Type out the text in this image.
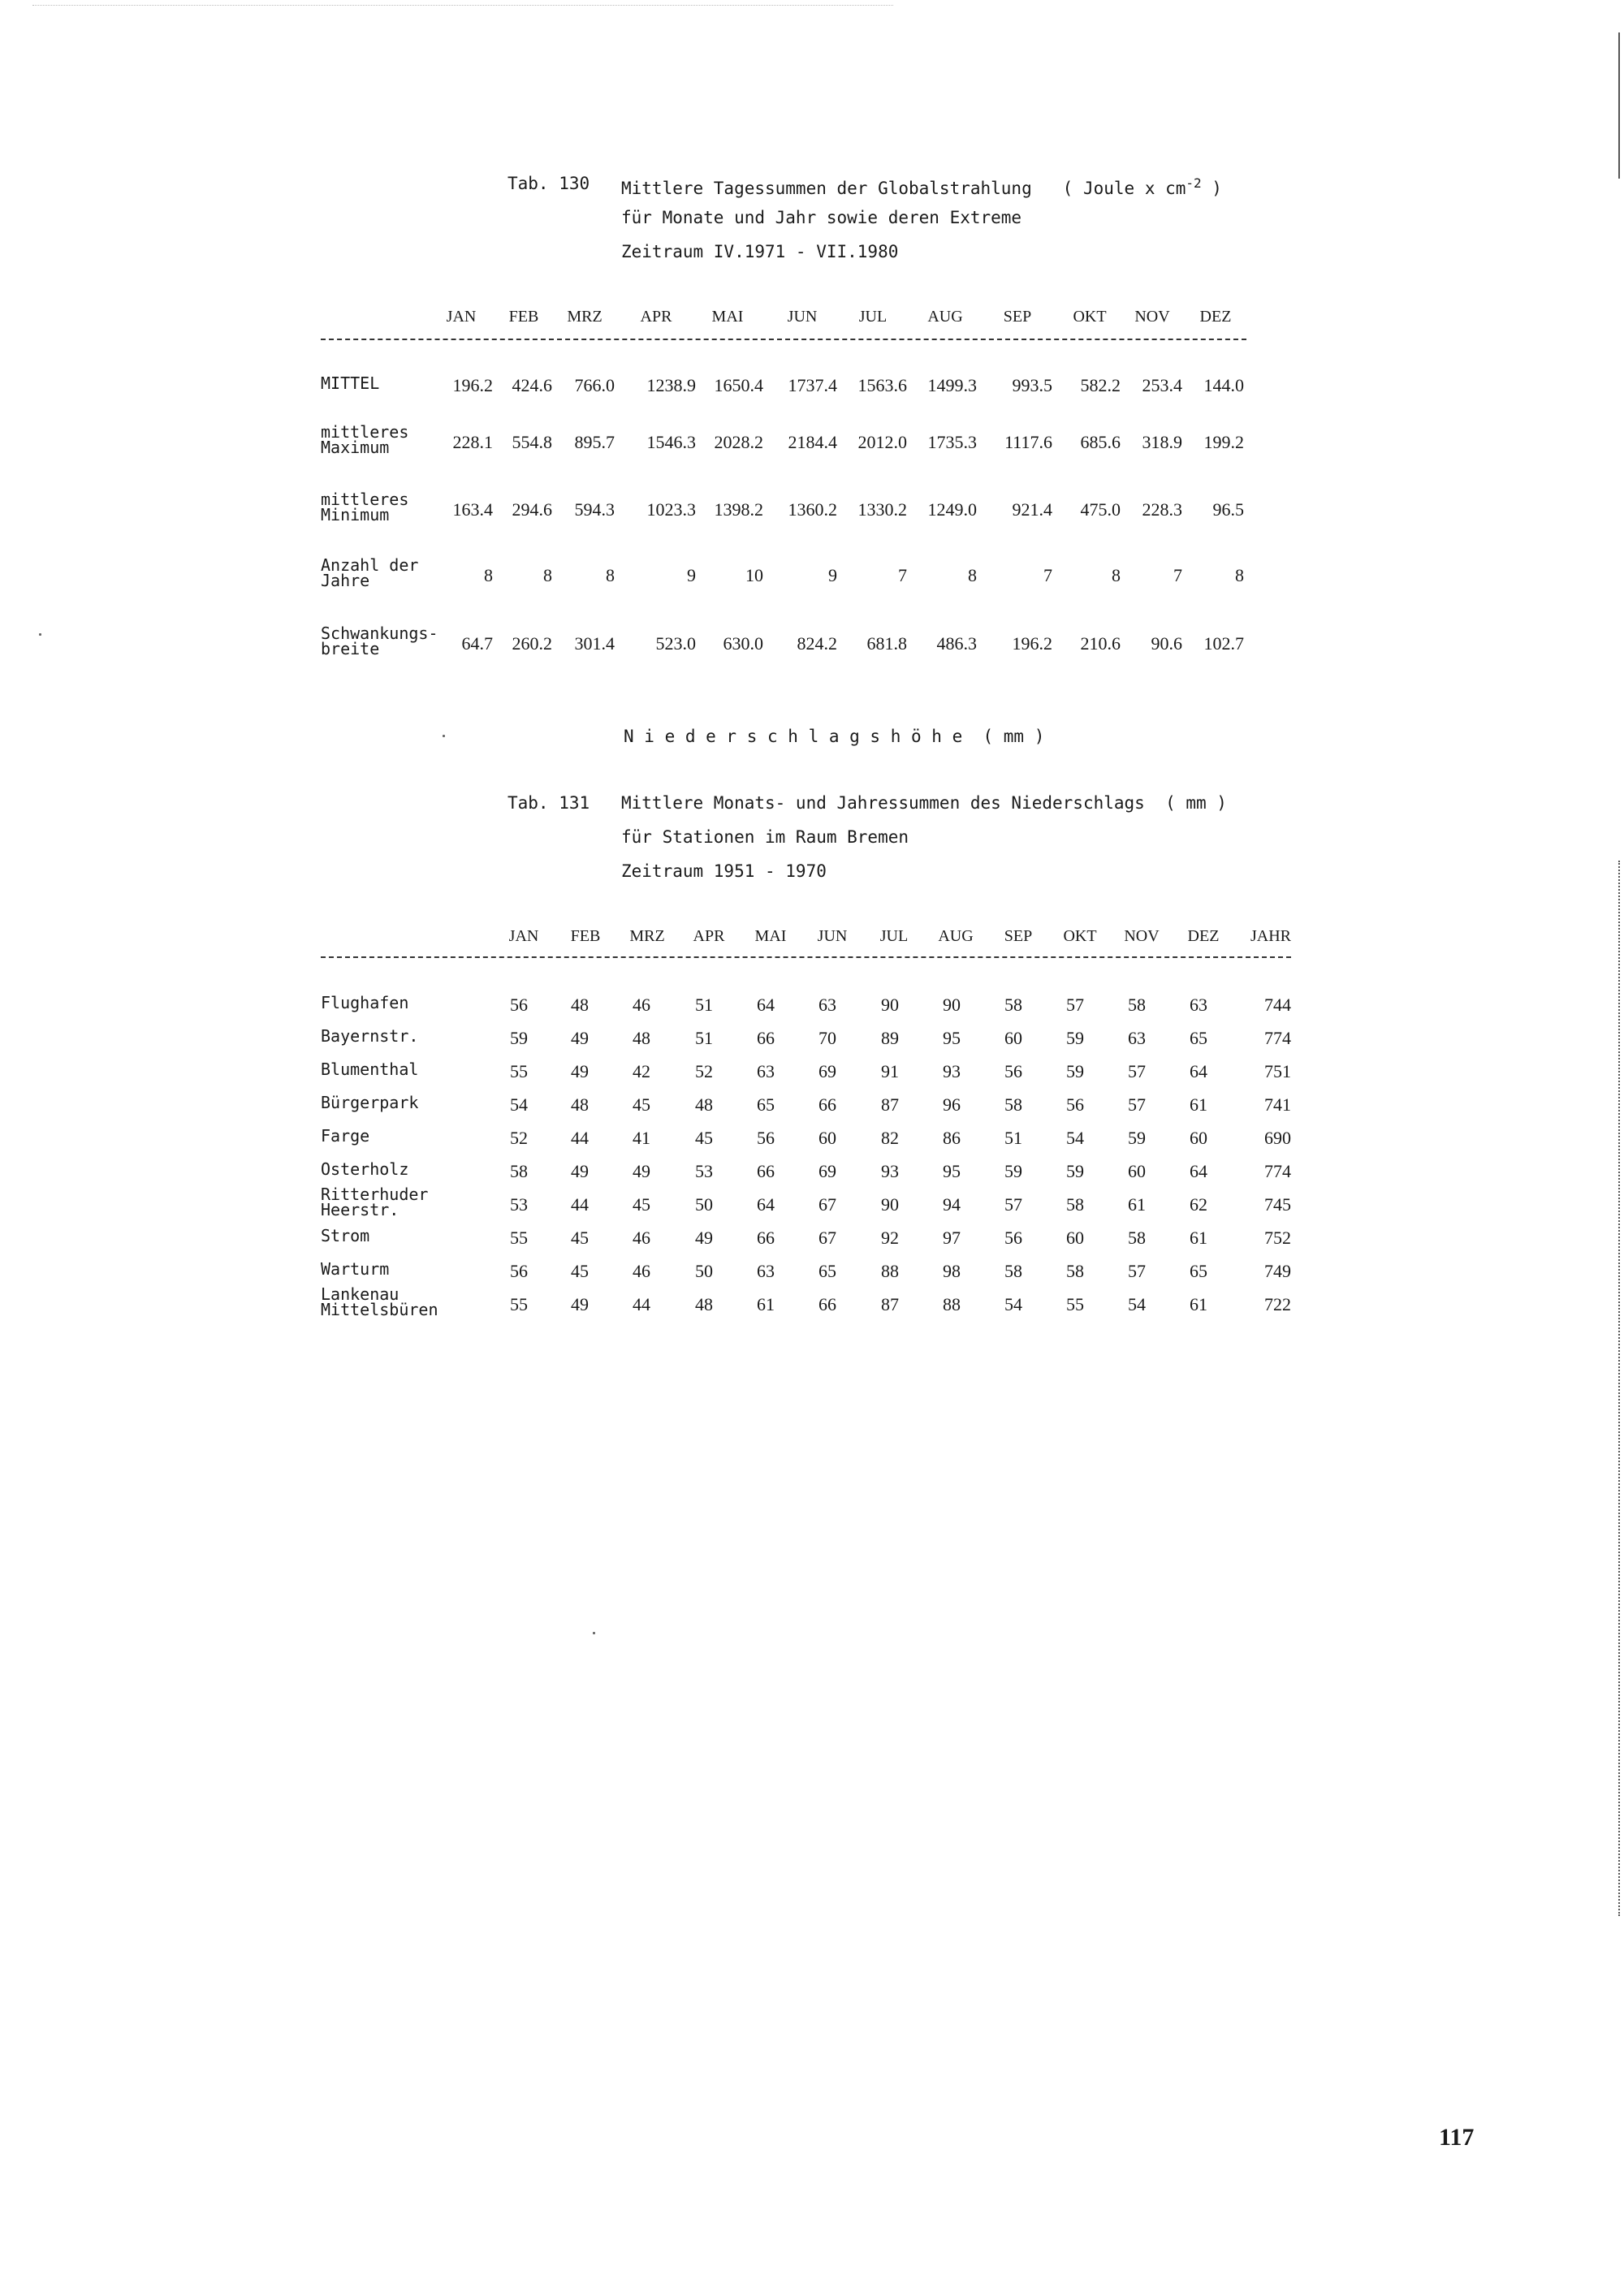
Tab. 130 Mittlere Tagessummen der Globalstrahlung ( Joule x $cm^{-2}$ )
für Monate und Jahr sowie deren Extreme
Zeitraum IV.1971 - VII.1980
JAN	FEB	MRZ	APR	MAI	JUN	JUL	AUG	SEP	OKT	NOV	DEZ
MITTEL	196.2	424.6	766.0	1238.9	1650.4	1737.4	1563.6	1499.3	993.5	582.2	253.4	144.0
mittleres
Maximum	228.1	554.8	895.7	1546.3	2028.2	2184.4	2012.0	1735.3	1117.6	685.6	318.9	199.2
mittleres
Minimum	163.4	294.6	594.3	1023.3	1398.2	1360.2	1330.2	1249.0	921.4	475.0	228.3	96.5
Anzahl der
Jahre	8	8	8	9	10	9	7	8	7	8	7	8
Schwankungs-
breite	64.7	260.2	301.4	523.0	630.0	824.2	681.8	486.3	196.2	210.6	90.6	102.7
N i e d e r s c h l a g s h ö h e  ( mm )
Tab. 131 Mittlere Monats- und Jahressummen des Niederschlags  ( mm )
für Stationen im Raum Bremen
Zeitraum 1951 - 1970
JAN	FEB	MRZ	APR	MAI	JUN	JUL	AUG	SEP	OKT	NOV	DEZ	JAHR
Flughafen	56	48	46	51	64	63	90	90	58	57	58	63	744
Bayernstr.	59	49	48	51	66	70	89	95	60	59	63	65	774
Blumenthal	55	49	42	52	63	69	91	93	56	59	57	64	751
Bürgerpark	54	48	45	48	65	66	87	96	58	56	57	61	741
Farge	52	44	41	45	56	60	82	86	51	54	59	60	690
Osterholz	58	49	49	53	66	69	93	95	59	59	60	64	774
Ritterhuder
Heerstr.	53	44	45	50	64	67	90	94	57	58	61	62	745
Strom	55	45	46	49	66	67	92	97	56	60	58	61	752
Warturm	56	45	46	50	63	65	88	98	58	58	57	65	749
Lankenau
Mittelsbüren	55	49	44	48	61	66	87	88	54	55	54	61	722
117
